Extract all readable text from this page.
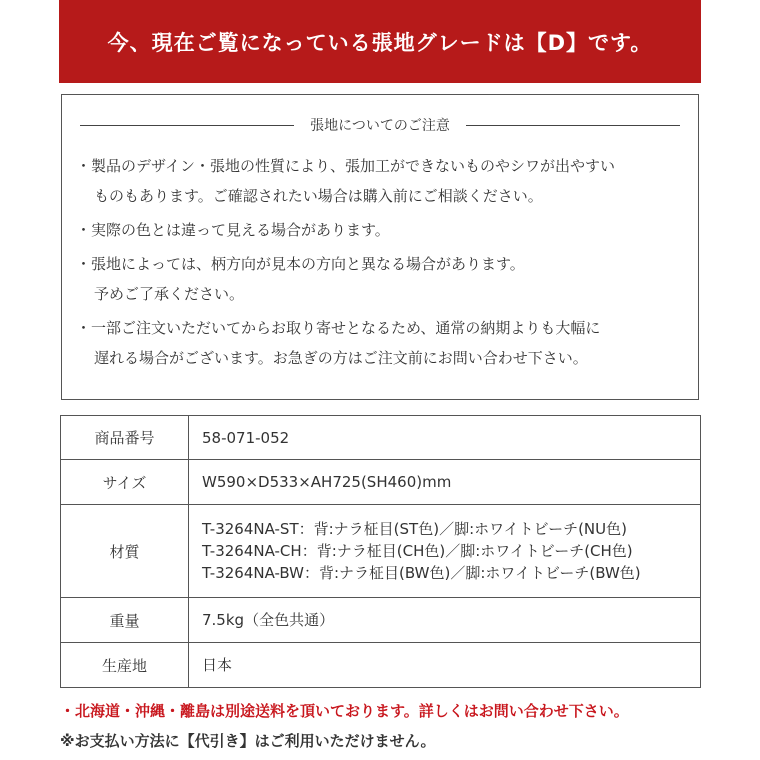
今、現在ご覧になっている張地グレードは【D】です。
張地についてのご注意
・製品のデザイン・張地の性質により、張加工ができないものやシワが出やすい
ものもあります。ご確認されたい場合は購入前にご相談ください。
・実際の色とは違って見える場合があります。
・張地によっては、柄方向が見本の方向と異なる場合があります。
予めご了承ください。
・一部ご注文いただいてからお取り寄せとなるため、通常の納期よりも大幅に
遅れる場合がございます。お急ぎの方はご注文前にお問い合わせ下さい。
商品番号	58-071-052

サイズ	W590×D533×AH725(SH460)mm

材質	T-3264NA-ST：背:ナラ柾目(ST色)／脚:ホワイトビーチ(NU色)
T-3264NA-CH：背:ナラ柾目(CH色)／脚:ホワイトビーチ(CH色)
T-3264NA-BW：背:ナラ柾目(BW色)／脚:ホワイトビーチ(BW色)

重量	7.5kg（全色共通）

生産地	日本
・北海道・沖縄・離島は別途送料を頂いております。詳しくはお問い合わせ下さい。
※お支払い方法に【代引き】はご利用いただけません。
